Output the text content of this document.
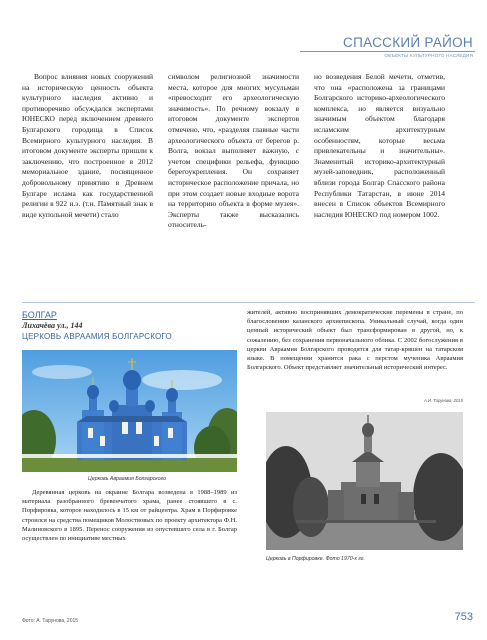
СПАССКИЙ РАЙОН
ОБЪЕКТЫ КУЛЬТУРНОГО НАСЛЕДИЯ

Вопрос влияния новых сооружений на историческую ценность объекта культурного наследия активно и противоречиво обсуждался экспертами ЮНЕСКО перед включением древнего Булгарского городища в Список Всемирного культурного наследия. В итоговом документе эксперты пришли к заключению, что построенное в 2012 мемориальное здание, посвященное добровольному принятию в Древнем Булгаре ислама как государственной религии в 922 н.э. (т.н. Памятный знак в виде купольной мечети) стало

символом религиозной значимости места, которое для многих мусульман «превосходит его археологическую значимость». По речному вокзалу в итоговом документе экспертов отмечено, что, «разделяя главные части археологического объекта от берегов р. Волга, вокзал выполняет важную, с учетом специфики рельефа, функцию берегоукрепления. Он сохраняет историческое расположение причала, но при этом создает новые входные ворота на территорию объекта в форме музея». Эксперты также высказались относитель-

но возведения Белой мечети, отметив, что она «расположена за границами Болгарского историко-археологического комплекса, но является визуально значимым объектом благодаря исламским архитектурным особенностям, которые весьма привлекательны и значительны». Знаменитый историко-архитектурный музей-заповедник, расположенный вблизи города Болгар Спасского района Республики Татарстан, в июне 2014 внесен в Список объектов Всемирного наследия ЮНЕСКО под номером 1002.

БОЛГАР
Лихачёва ул., 144
ЦЕРКОВЬ АВРААМИЯ БОЛГАРСКОГО

жителей, активно воспринявших демократические перемены в стране, по благословению казанского архиепископа. Уникальный случай, когда один ценный исторический объект был трансформирован в другой, но, к сожалению, без сохранения первоначального облика. С 2002 богослужения в церкви Авраамия Болгарского проводятся для татар-кряшен на татарском языке. В помещении хранится рака с перстом мученика Авраамия Болгарского. Объект представляет значительный исторический интерес.

А.И. Тарунова, 2015
Церковь Авраамия Болгарского

Деревянная церковь на окраине Болгара возведена в 1988–1989 из материала разобранного бревенчатого храма, ранее стоявшего в с. Порфировка, которое находилось в 15 км от райцентра. Храм в Порфировке строился на средства помещиков Молоствовых по проекту архитектора Ф.Н. Малиновского в 1895. Перенос сооружения из опустевшего села в г. Болгар осуществлен по инициативе местных

Церковь в Порфировке. Фото 1970-х гг.
Фото: А. Тарунова, 2015	753
